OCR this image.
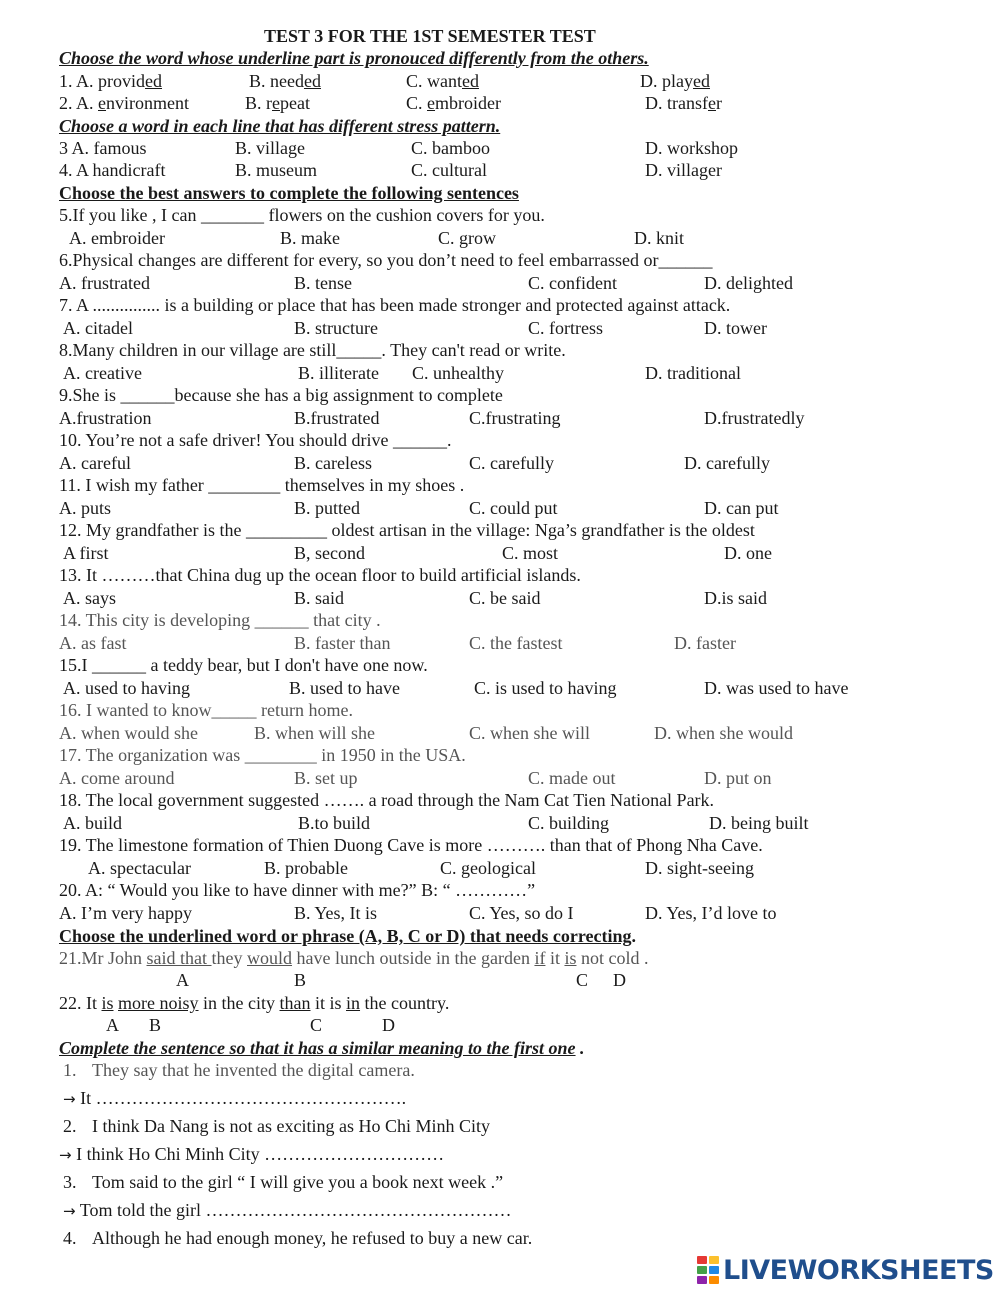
TEST 3 FOR THE 1ST SEMESTER TEST
Choose the word whose underline part is pronouced differently from the others.
1. A. provided	B. needed	C. wanted	D. played
2. A. environment	B. repeat	C. embroider	D. transfer
Choose a word in each line that has different stress pattern.
3 A. famous	B. village	C. bamboo	D. workshop
4. A handicraft	B. museum	C. cultural	D. villager
Choose the best answers to complete the following sentences
5.If you like , I can _______ flowers on the cushion covers for you.
A. embroider	B. make	C. grow	D. knit
6.Physical changes are different for every, so you don’t need to feel embarrassed or______
A. frustrated	B. tense	C. confident	D. delighted
7. A ............... is a building or place that has been made stronger and protected against attack.
A. citadel	B. structure	C. fortress	D. tower
8.Many children in our village are still_____. They can't read or write.
A. creative	B. illiterate C. unhealthy	D. traditional
9.She is ______because she has a big assignment to complete
A.frustration	B.frustrated	C.frustrating	D.frustratedly
10. You’re not a safe driver! You should drive ______.
A. careful	B. careless	C. carefully	D. carefully
11. I wish my father ________ themselves in my shoes .
A. puts	B. putted	C. could put	D. can put
12. My grandfather is the _________ oldest artisan in the village: Nga’s grandfather is the oldest
A first	B, second	C. most	D. one
13. It ………that China dug up the ocean floor to build artificial islands.
A. says	B. said	C. be said	D.is said
14. This city is developing ______ that city .
A. as fast	B. faster than	C. the fastest	D. faster
15.I ______ a teddy bear, but I don't have one now.
A. used to having	B. used to have	C. is used to having	D. was used to have
16. I wanted to know_____ return home.
A. when would she	B. when will she	C. when she will	D. when she would
17. The organization was ________ in 1950 in the USA.
A. come around	B. set up	C. made out	D. put on
18. The local government suggested ……. a road through the Nam Cat Tien National Park.
A. build	B.to build	C. building	D. being built
19. The limestone formation of Thien Duong Cave is more ………. than that of Phong Nha Cave.
A. spectacular	B. probable	C. geological	D. sight-seeing
20. A: “ Would you like to have dinner with me?” B: “ …………”
A. I’m very happy	B. Yes, It is	C. Yes, so do I	D. Yes, I’d love to
Choose the underlined word or phrase (A, B, C or D) that needs correcting.
21.Mr John said that they would have lunch outside in the garden if it is not cold .
A	B	C D
22. It is more noisy in the city than it is in the country.
A B	C	D
Complete the sentence so that it has a similar meaning to the first one .
1. They say that he invented the digital camera.
→ It …………………………………………….
2. I think Da Nang is not as exciting as Ho Chi Minh City
→ I think Ho Chi Minh City …………………………
3. Tom said to the girl “ I will give you a book next week .”
→ Tom told the girl ……………………………………………
4. Although he had enough money, he refused to buy a new car.
LIVEWORKSHEETS
